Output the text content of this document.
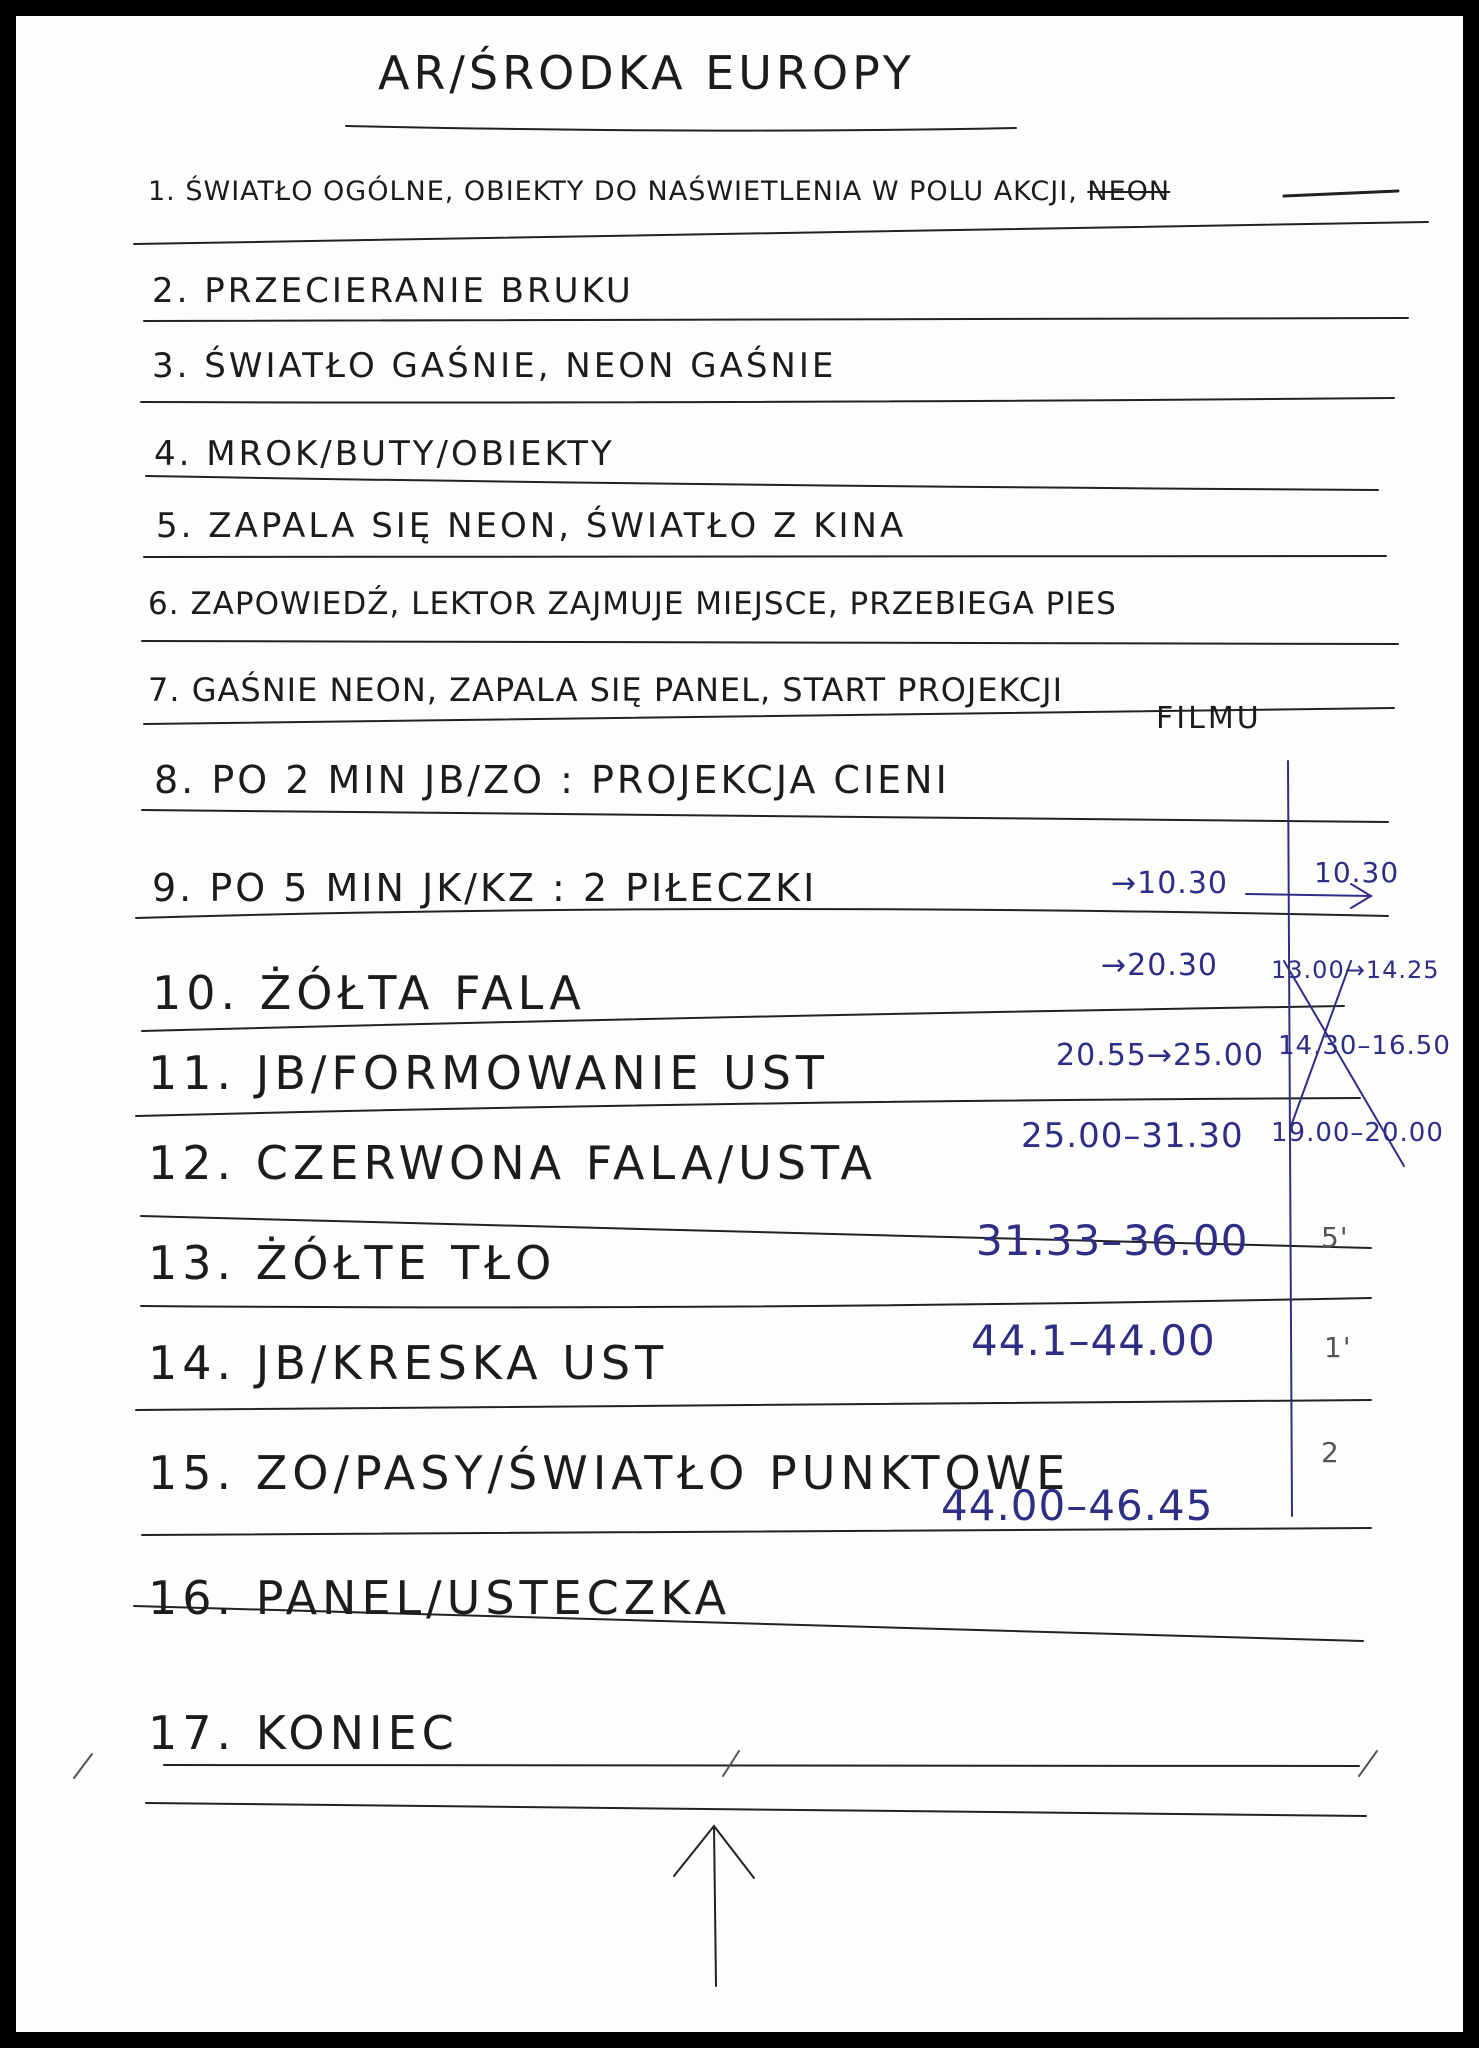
AR/ŚRODKA EUROPY
1. ŚWIATŁO OGÓLNE, OBIEKTY DO NAŚWIETLENIA W POLU AKCJI, NEON
2. PRZECIERANIE BRUKU
3. ŚWIATŁO GAŚNIE, NEON GAŚNIE
4. MROK/BUTY/OBIEKTY
5. ZAPALA SIĘ NEON, ŚWIATŁO Z KINA
6. ZAPOWIEDŹ, LEKTOR ZAJMUJE MIEJSCE, PRZEBIEGA PIES
7. GAŚNIE NEON, ZAPALA SIĘ PANEL, START PROJEKCJI
FILMU
8. PO 2 MIN JB/ZO : PROJEKCJA CIENI
9. PO 5 MIN JK/KZ : 2 PIŁECZKI
10. ŻÓŁTA FALA
11. JB/FORMOWANIE UST
12. CZERWONA FALA/USTA
13. ŻÓŁTE TŁO
14. JB/KRESKA UST
15. ZO/PASY/ŚWIATŁO PUNKTOWE
16. PANEL/USTECZKA
17. KONIEC
→10.30	10.30
→20.30 13.00→14.25
20.55→25.00 14.30–16.50
25.00–31.30 19.00–20.00
31.33–36.00	5'
44.1–44.00	1'
44.00–46.45
2
